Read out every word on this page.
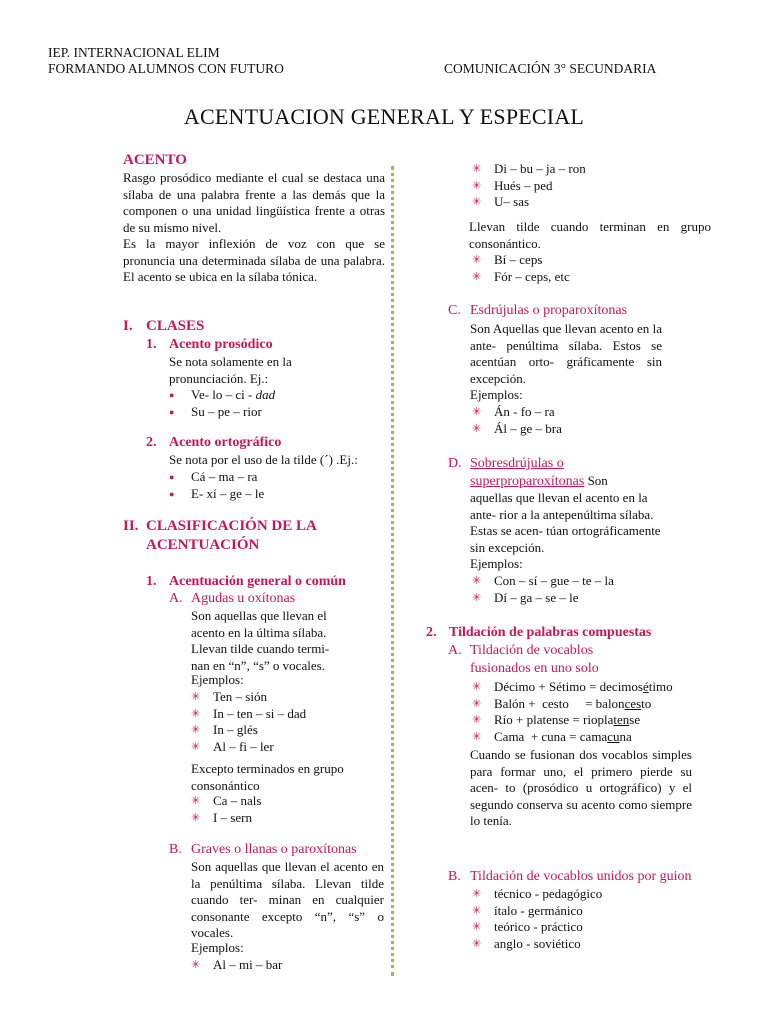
IEP. INTERNACIONAL ELIM
FORMANDO ALUMNOS CON FUTURO	COMUNICACIÓN 3° SECUNDARIA
ACENTUACION GENERAL Y ESPECIAL
ACENTO
Rasgo prosódico mediante el cual se destaca una sílaba de una palabra frente a las demás que la componen o una unidad lingüística frente a otras de su mismo nivel.
Es la mayor inflexión de voz con que se pronuncia una determinada sílaba de una palabra. El acento se ubica en la sílaba tónica.
I. CLASES
1. Acento prosódico
Se nota solamente en la pronunciación. Ej.:
● Ve- lo – ci - dad
● Su – pe – rior
2. Acento ortográfico
Se nota por el uso de la tilde (´) .Ej.:
● Cá – ma – ra
● E- xí – ge – le
II. CLASIFICACIÓN DE LA
ACENTUACIÓN
1. Acentuación general o común
A. Agudas u oxítonas
Son aquellas que llevan el acento en la última sílaba. Llevan tilde cuando termi- nan en “n”, “s” o vocales.
Ejemplos:
✳ Ten – sión
✳ In – ten – si – dad
✳ In – glés
✳ Al – fi – ler
Excepto terminados en grupo consonántico
✳ Ca – nals
✳ I – sern
B. Graves o llanas o paroxítonas
Son aquellas que llevan el acento en la penúltima sílaba. Llevan tilde cuando ter- minan en cualquier consonante excepto “n”, “s” o vocales.
Ejemplos:
✳ Al – mi – bar
✳ Di – bu – ja – ron
✳ Hués – ped
✳ U– sas
Llevan tilde cuando terminan en grupo consonántico.
✳ Bí – ceps
✳ Fór – ceps, etc
C. Esdrújulas o proparoxítonas
Son Aquellas que llevan acento en la ante- penúltima sílaba. Estos se acentúan orto- gráficamente sin excepción.
Ejemplos:
✳ Án - fo – ra
✳ Ál – ge – bra
D. Sobresdrújulas o
superproparoxítonas Son
aquellas que llevan el acento en la ante- rior a la antepenúltima sílaba. Estas se acen- túan ortográficamente sin excepción.
Ejemplos:
✳ Con – sí – gue – te – la
✳ Dí – ga – se – le
2. Tildación de palabras compuestas
A. Tildación de vocablos
fusionados en uno solo
✳ Décimo + Sétimo = decimosétimo
✳ Balón +  cesto     = baloncesto
✳ Río + platense = rioplatense
✳ Cama  + cuna = camacuna
Cuando se fusionan dos vocablos simples para formar uno, el primero pierde su acen- to (prosódico u ortográfico) y el segundo conserva su acento como siempre lo tenía.
B. Tildación de vocablos unidos por guion
✳ técnico - pedagógico
✳ ítalo - germánico
✳ teórico - práctico
✳ anglo - soviético
